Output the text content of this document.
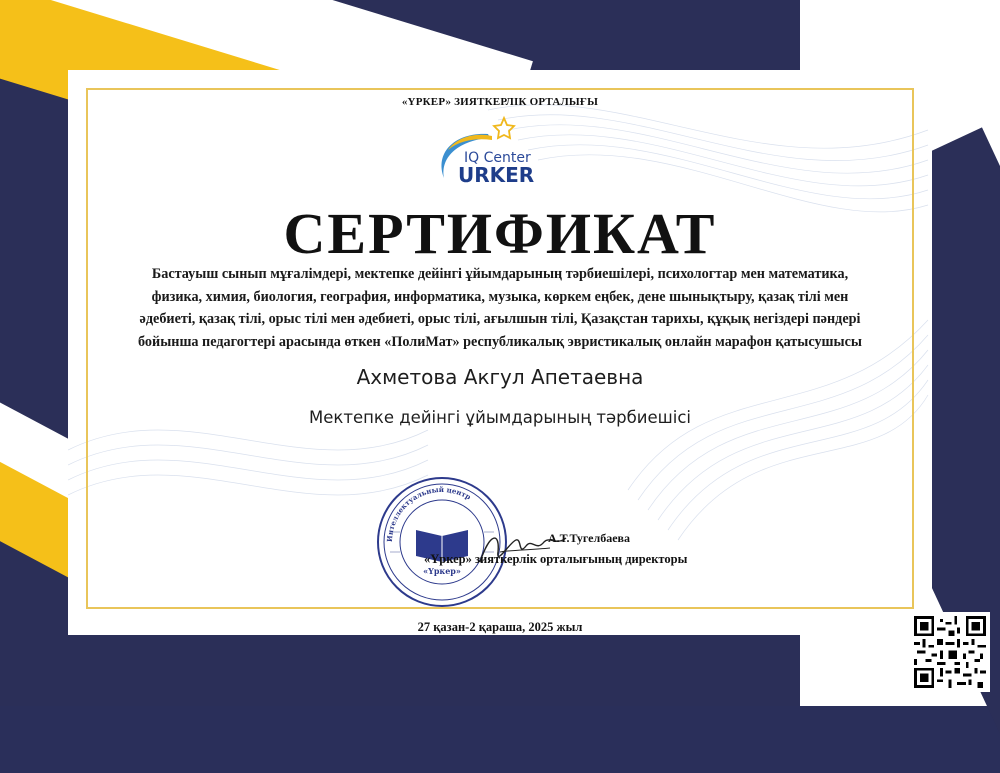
«ҮРКЕР» ЗИЯТКЕРЛІК ОРТАЛЫҒЫ
IQ Center
URKER
СЕРТИФИКАТ
Бастауыш сынып мұғалімдері, мектепке дейінгі ұйымдарының тәрбиешілері, психологтар мен математика,
физика, химия, биология, география, информатика, музыка, көркем еңбек, дене шынықтыру, қазақ тілі мен
әдебиеті, қазақ тілі, орыс тілі мен әдебиеті, орыс тілі, ағылшын тілі, Қазақстан тарихы, құқық негіздері пәндері
бойынша педагогтері арасында өткен «ПолиМат» республикалық эвристикалық онлайн марафон қатысушысы
Ахметова Акгул Апетаевна
Мектепке дейінгі ұйымдарының тәрбиешісі
Интеллектуальный центр
«Үркер»
А.Т.Тугелбаева
«Үркер» зияткерлік орталығының директоры
27 қазан-2 қараша, 2025 жыл
